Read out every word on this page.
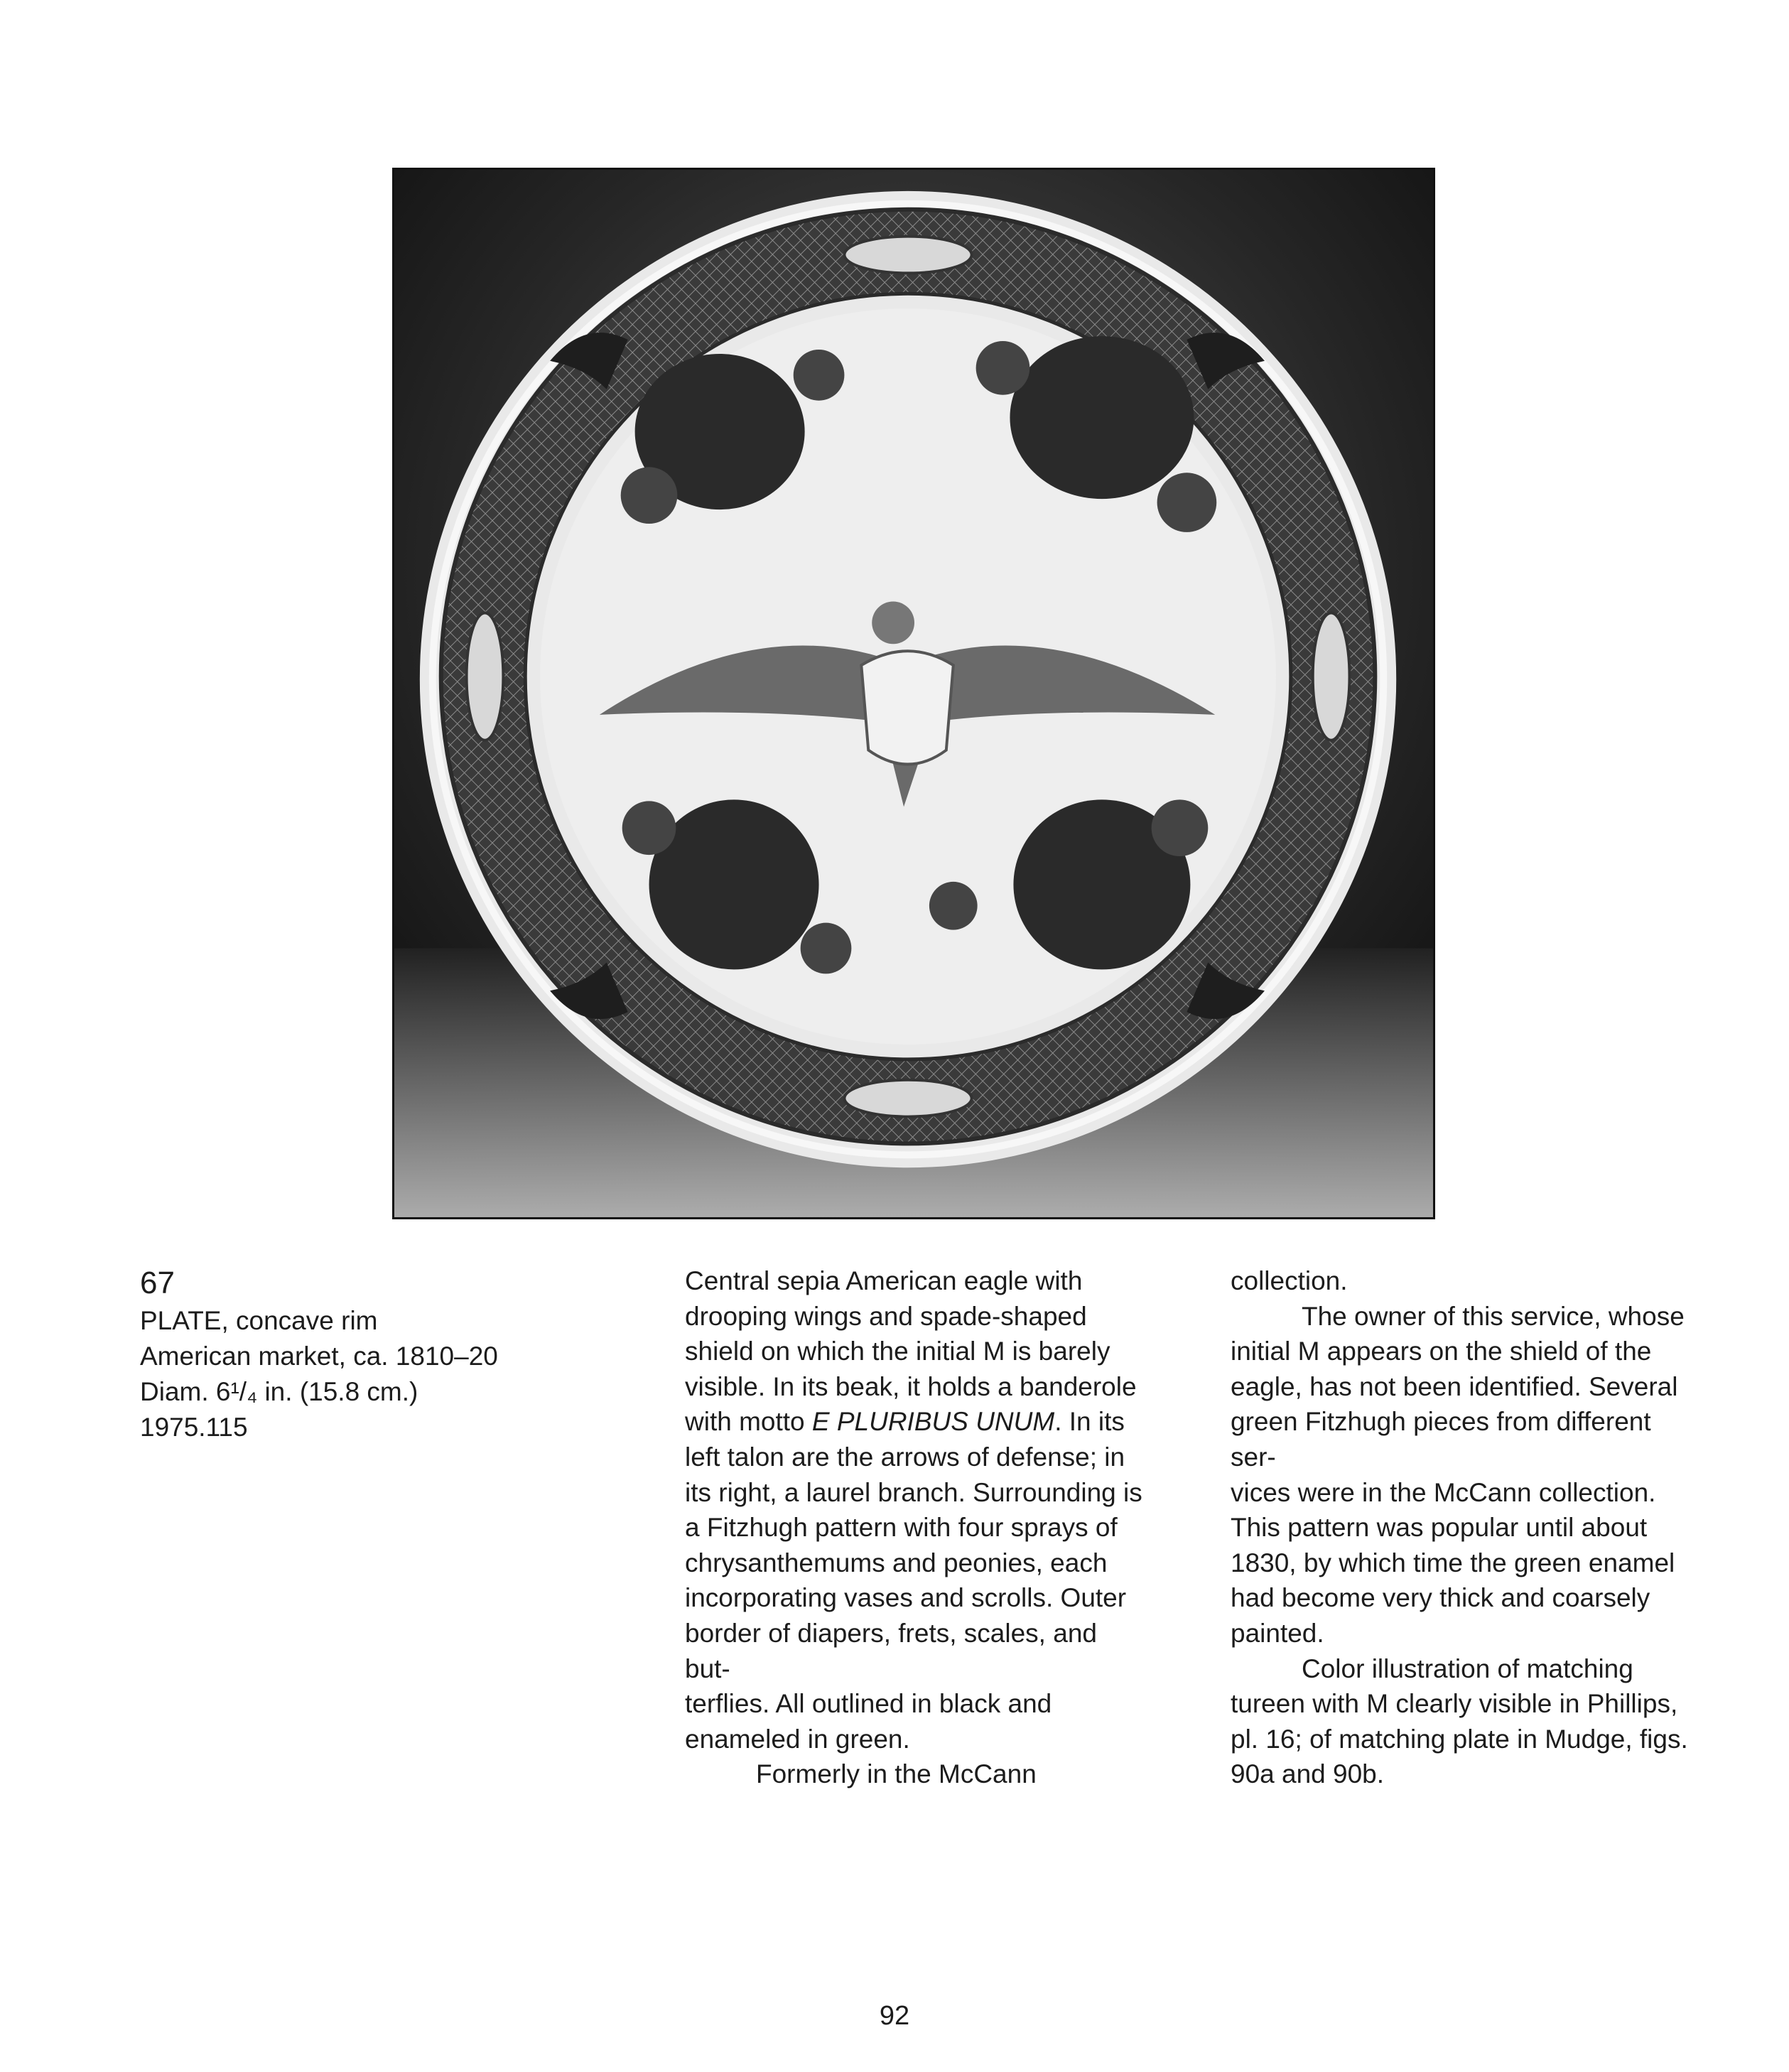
67
PLATE, concave rim
American market, ca. 1810–20
Diam. 6¹/₄ in. (15.8 cm.)
1975.115

Central sepia American eagle with

drooping wings and spade-shaped

shield on which the initial M is barely

visible. In its beak, it holds a banderole

with motto E PLURIBUS UNUM. In its

left talon are the arrows of defense; in

its right, a laurel branch. Surrounding is

a Fitzhugh pattern with four sprays of

chrysanthemums and peonies, each

incorporating vases and scrolls. Outer

border of diapers, frets, scales, and but-

terflies. All outlined in black and

enameled in green.

Formerly in the McCann

collection.

The owner of this service, whose

initial M appears on the shield of the

eagle, has not been identified. Several

green Fitzhugh pieces from different ser-

vices were in the McCann collection.

This pattern was popular until about

1830, by which time the green enamel

had become very thick and coarsely

painted.

Color illustration of matching

tureen with M clearly visible in Phillips,

pl. 16; of matching plate in Mudge, figs.

90a and 90b.

92
